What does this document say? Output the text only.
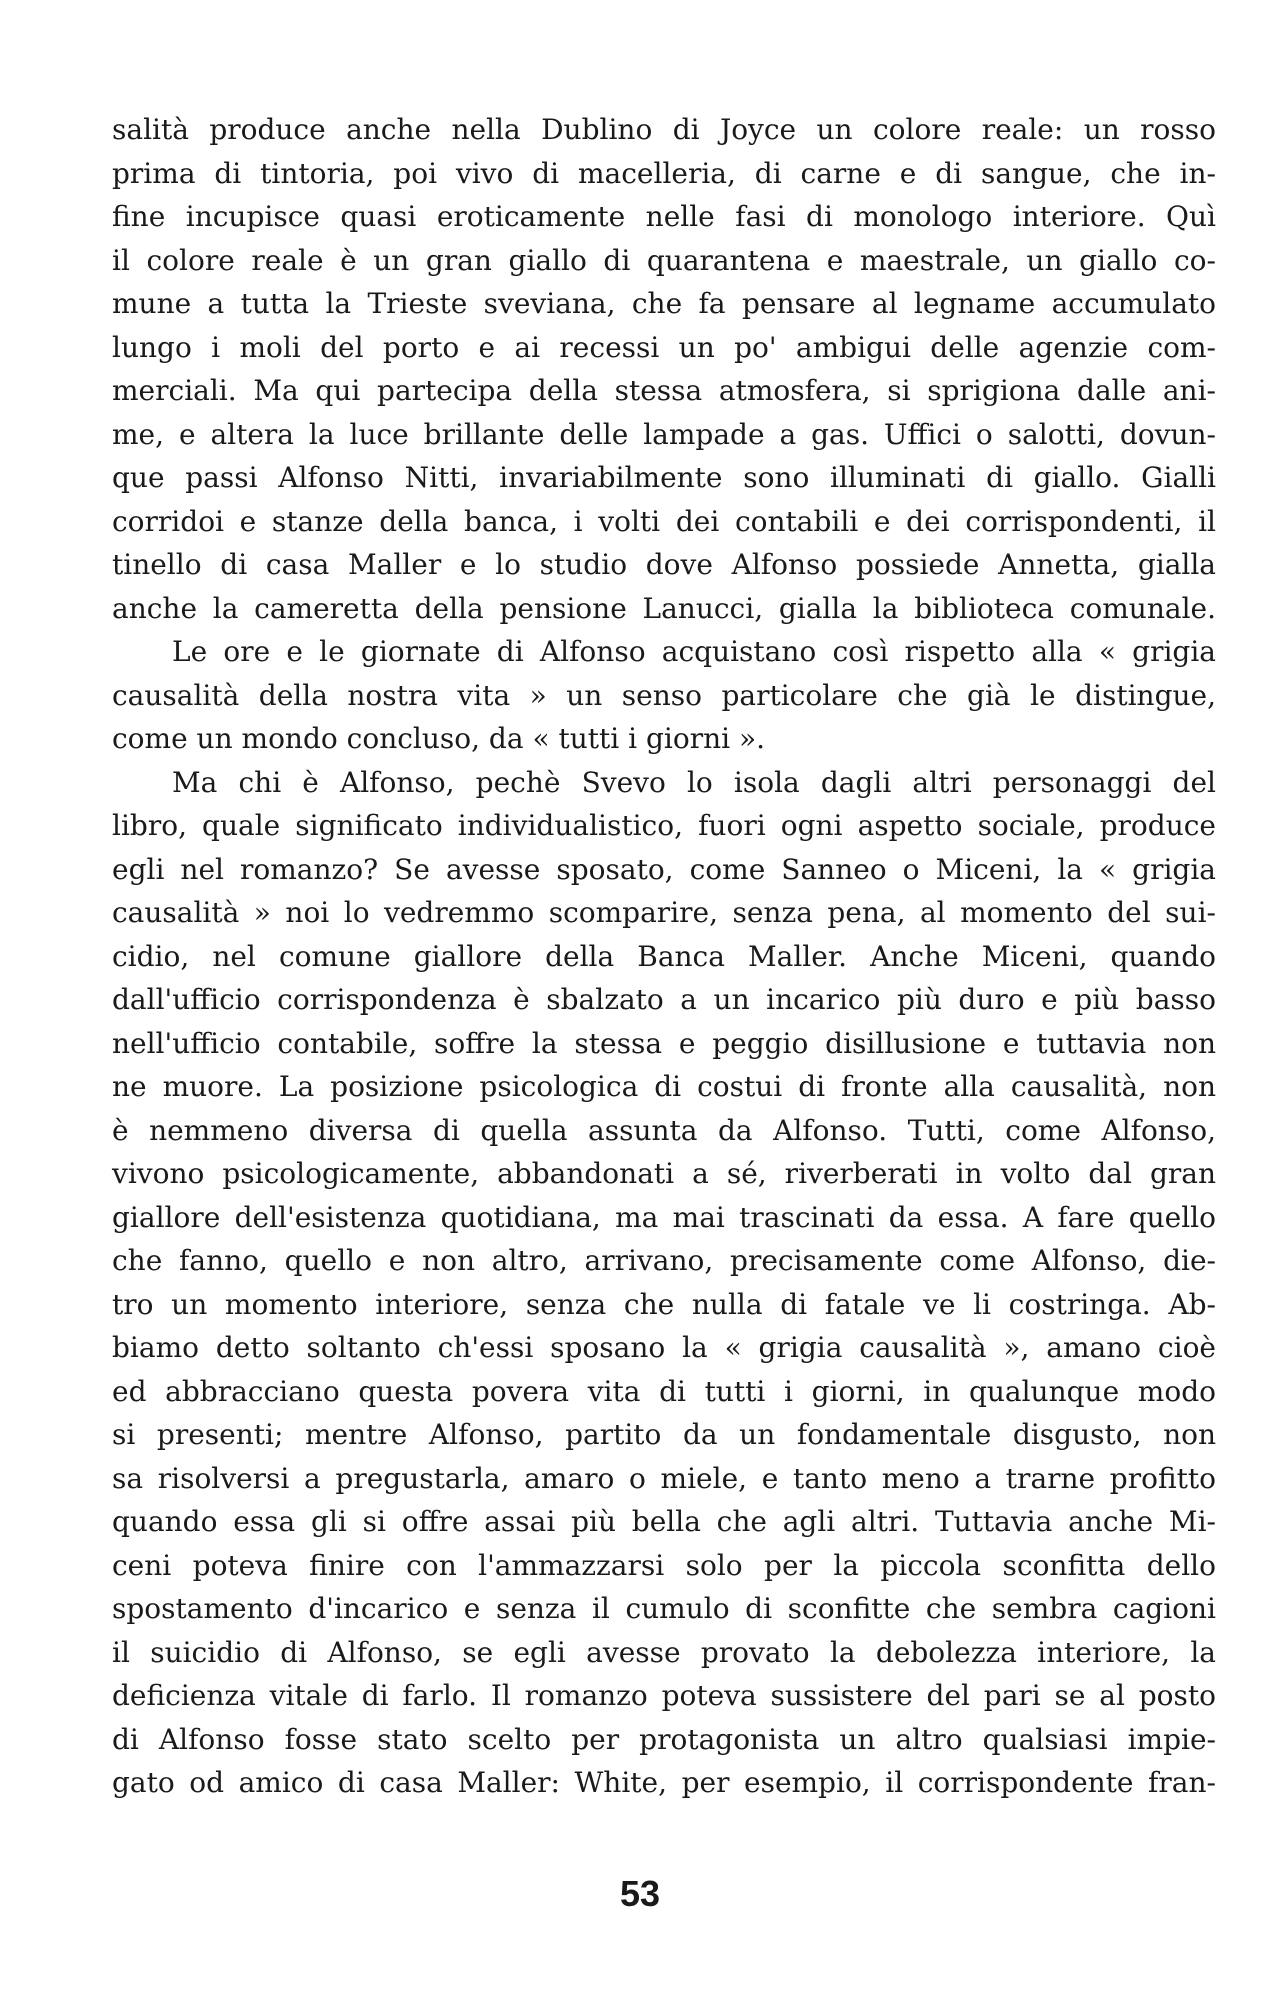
salità produce anche nella Dublino di Joyce un colore reale: un rosso
prima di tintoria, poi vivo di macelleria, di carne e di sangue, che in-
fine incupisce quasi eroticamente nelle fasi di monologo interiore. Quì
il colore reale è un gran giallo di quarantena e maestrale, un giallo co-
mune a tutta la Trieste sveviana, che fa pensare al legname accumulato
lungo i moli del porto e ai recessi un po' ambigui delle agenzie com-
merciali. Ma qui partecipa della stessa atmosfera, si sprigiona dalle ani-
me, e altera la luce brillante delle lampade a gas. Uffici o salotti, dovun-
que passi Alfonso Nitti, invariabilmente sono illuminati di giallo. Gialli
corridoi e stanze della banca, i volti dei contabili e dei corrispondenti, il
tinello di casa Maller e lo studio dove Alfonso possiede Annetta, gialla
anche la cameretta della pensione Lanucci, gialla la biblioteca comunale.
Le ore e le giornate di Alfonso acquistano così rispetto alla « grigia
causalità della nostra vita » un senso particolare che già le distingue,
come un mondo concluso, da « tutti i giorni ».
Ma chi è Alfonso, pechè Svevo lo isola dagli altri personaggi del
libro, quale significato individualistico, fuori ogni aspetto sociale, produce
egli nel romanzo? Se avesse sposato, come Sanneo o Miceni, la « grigia
causalità » noi lo vedremmo scomparire, senza pena, al momento del sui-
cidio, nel comune giallore della Banca Maller. Anche Miceni, quando
dall'ufficio corrispondenza è sbalzato a un incarico più duro e più basso
nell'ufficio contabile, soffre la stessa e peggio disillusione e tuttavia non
ne muore. La posizione psicologica di costui di fronte alla causalità, non
è nemmeno diversa di quella assunta da Alfonso. Tutti, come Alfonso,
vivono psicologicamente, abbandonati a sé, riverberati in volto dal gran
giallore dell'esistenza quotidiana, ma mai trascinati da essa. A fare quello
che fanno, quello e non altro, arrivano, precisamente come Alfonso, die-
tro un momento interiore, senza che nulla di fatale ve li costringa. Ab-
biamo detto soltanto ch'essi sposano la « grigia causalità », amano cioè
ed abbracciano questa povera vita di tutti i giorni, in qualunque modo
si presenti; mentre Alfonso, partito da un fondamentale disgusto, non
sa risolversi a pregustarla, amaro o miele, e tanto meno a trarne profitto
quando essa gli si offre assai più bella che agli altri. Tuttavia anche Mi-
ceni poteva finire con l'ammazzarsi solo per la piccola sconfitta dello
spostamento d'incarico e senza il cumulo di sconfitte che sembra cagioni
il suicidio di Alfonso, se egli avesse provato la debolezza interiore, la
deficienza vitale di farlo. Il romanzo poteva sussistere del pari se al posto
di Alfonso fosse stato scelto per protagonista un altro qualsiasi impie-
gato od amico di casa Maller: White, per esempio, il corrispondente fran-
53
